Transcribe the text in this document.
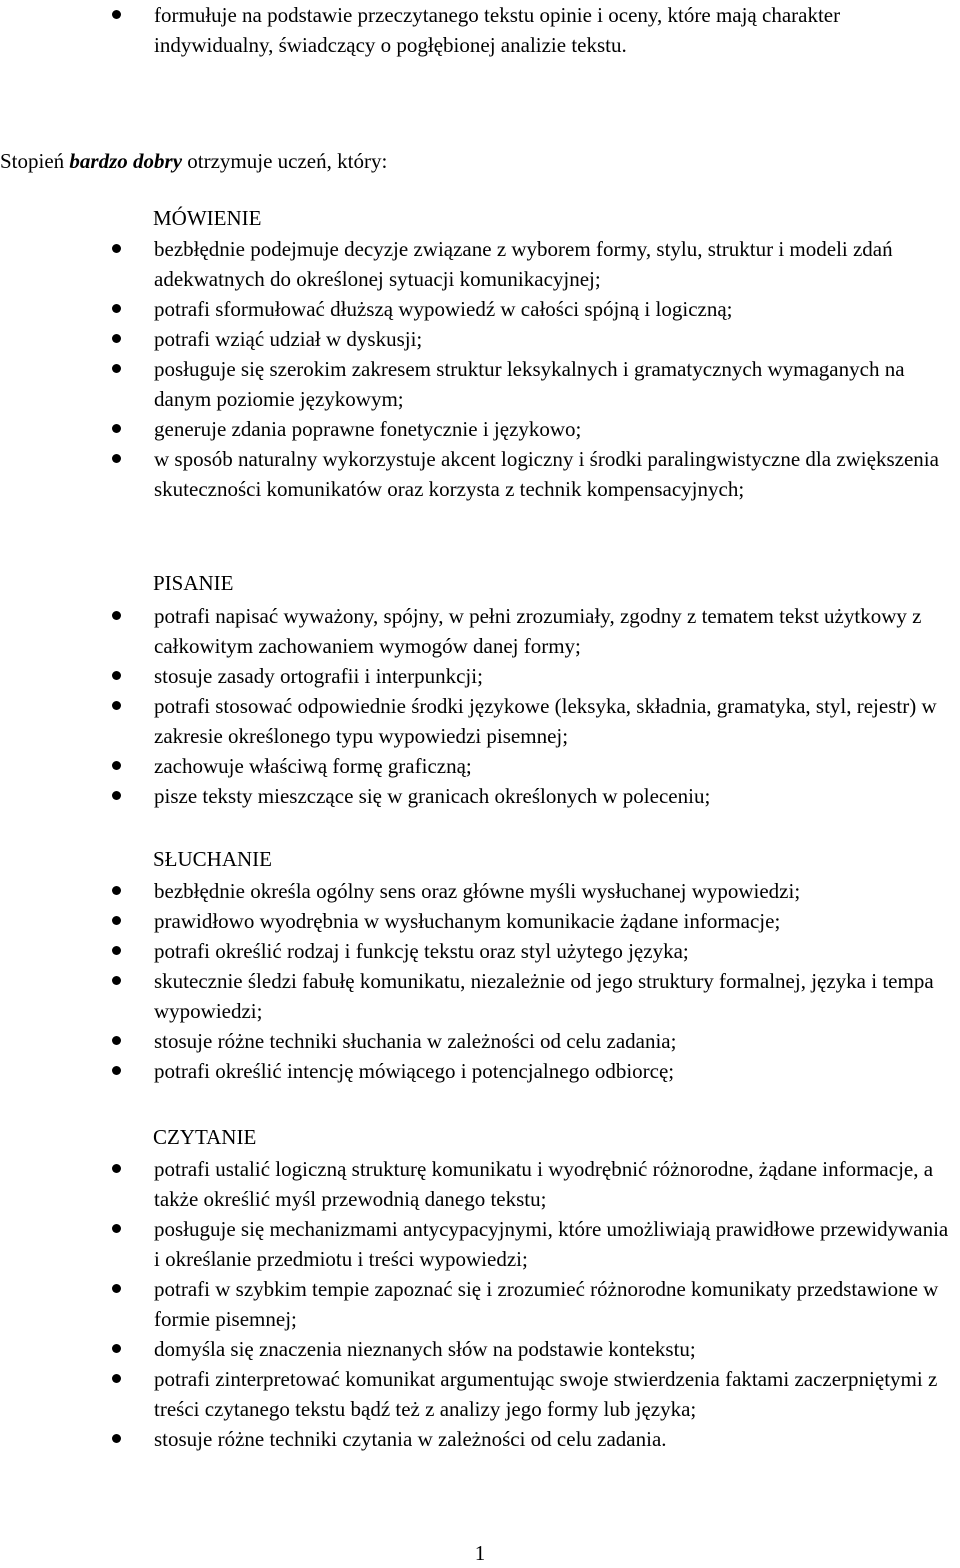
formułuje na podstawie przeczytanego tekstu opinie i oceny, które mają charakter indywidualny, świadczący o pogłębionej analizie tekstu.

Stopień bardzo dobry otrzymuje uczeń, który:

MÓWIENIE
bezbłędnie podejmuje decyzje związane z wyborem formy, stylu, struktur i modeli zdań adekwatnych do określonej sytuacji komunikacyjnej;
potrafi sformułować dłuższą wypowiedź w całości spójną i logiczną;
potrafi wziąć udział w dyskusji;
posługuje się szerokim zakresem struktur leksykalnych i gramatycznych wymaganych na danym poziomie językowym;
generuje zdania poprawne fonetycznie i językowo;
w sposób naturalny wykorzystuje akcent logiczny i środki paralingwistyczne dla zwiększenia skuteczności komunikatów oraz korzysta z technik kompensacyjnych;
PISANIE
potrafi napisać wyważony, spójny, w pełni zrozumiały, zgodny z tematem tekst użytkowy z całkowitym zachowaniem wymogów danej formy;
stosuje zasady ortografii i interpunkcji;
potrafi stosować odpowiednie środki językowe (leksyka, składnia, gramatyka, styl, rejestr) w zakresie określonego typu wypowiedzi pisemnej;
zachowuje właściwą formę graficzną;
pisze teksty mieszczące się w granicach określonych w poleceniu;
SŁUCHANIE
bezbłędnie określa ogólny sens oraz główne myśli wysłuchanej wypowiedzi;
prawidłowo wyodrębnia w wysłuchanym komunikacie żądane informacje;
potrafi określić rodzaj i funkcję tekstu oraz styl użytego języka;
skutecznie śledzi fabułę komunikatu, niezależnie od jego struktury formalnej, języka i tempa wypowiedzi;
stosuje różne techniki słuchania w zależności od celu zadania;
potrafi określić intencję mówiącego i potencjalnego odbiorcę;
CZYTANIE
potrafi ustalić logiczną strukturę komunikatu i wyodrębnić różnorodne, żądane informacje, a także określić myśl przewodnią danego tekstu;
posługuje się mechanizmami antycypacyjnymi, które umożliwiają prawidłowe przewidywania i określanie przedmiotu i treści wypowiedzi;
potrafi w szybkim tempie zapoznać się i zrozumieć różnorodne komunikaty przedstawione w formie pisemnej;
domyśla się znaczenia nieznanych słów na podstawie kontekstu;
potrafi zinterpretować komunikat argumentując swoje stwierdzenia faktami zaczerpniętymi z treści czytanego tekstu bądź też z analizy jego formy lub języka;
stosuje różne techniki czytania w zależności od celu zadania.
1
